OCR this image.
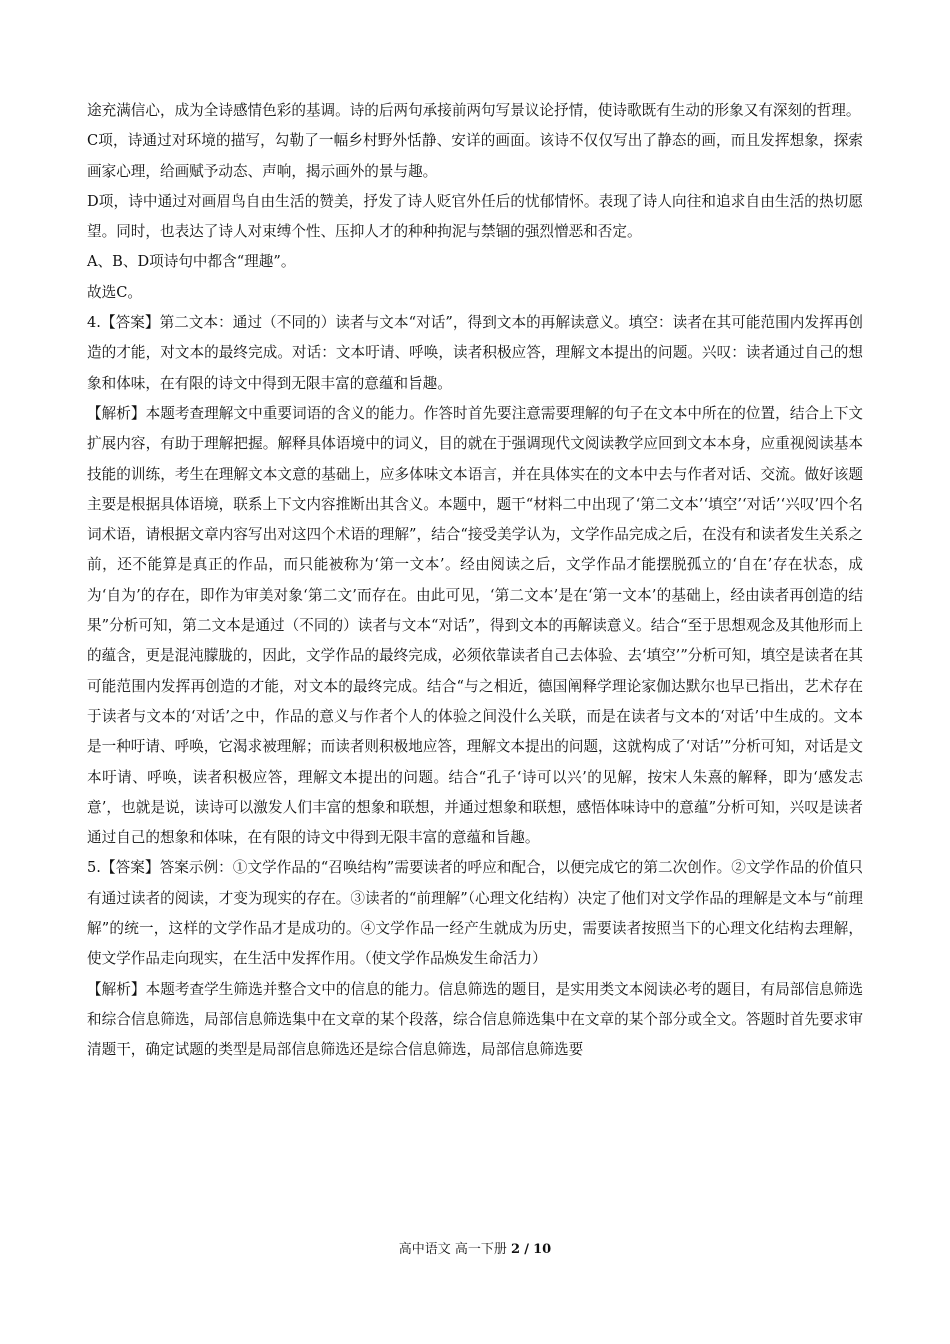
途充满信心，成为全诗感情色彩的基调。诗的后两句承接前两句写景议论抒情，使诗歌既有生动的形象又有深刻的哲理。

C项，诗通过对环境的描写，勾勒了一幅乡村野外恬静、安详的画面。该诗不仅仅写出了静态的画，而且发挥想象，探索画家心理，给画赋予动态、声响，揭示画外的景与趣。

D项，诗中通过对画眉鸟自由生活的赞美，抒发了诗人贬官外任后的忧郁情怀。表现了诗人向往和追求自由生活的热切愿望。同时，也表达了诗人对束缚个性、压抑人才的种种拘泥与禁锢的强烈憎恶和否定。

A、B、D项诗句中都含“理趣”。

故选C。

4.【答案】第二文本：通过（不同的）读者与文本“对话”，得到文本的再解读意义。填空：读者在其可能范围内发挥再创造的才能，对文本的最终完成。对话：文本吁请、呼唤，读者积极应答，理解文本提出的问题。兴叹：读者通过自己的想象和体味，在有限的诗文中得到无限丰富的意蕴和旨趣。

【解析】本题考查理解文中重要词语的含义的能力。作答时首先要注意需要理解的句子在文本中所在的位置，结合上下文扩展内容，有助于理解把握。解释具体语境中的词义，目的就在于强调现代文阅读教学应回到文本本身，应重视阅读基本技能的训练，考生在理解文本文意的基础上，应多体味文本语言，并在具体实在的文本中去与作者对话、交流。做好该题主要是根据具体语境，联系上下文内容推断出其含义。本题中，题干“材料二中出现了‘第二文本’‘填空’‘对话’‘兴叹’四个名词术语，请根据文章内容写出对这四个术语的理解”，结合“接受美学认为，文学作品完成之后，在没有和读者发生关系之前，还不能算是真正的作品，而只能被称为‘第一文本’。经由阅读之后，文学作品才能摆脱孤立的‘自在’存在状态，成为‘自为’的存在，即作为审美对象‘第二文’而存在。由此可见，‘第二文本’是在‘第一文本’的基础上，经由读者再创造的结果”分析可知，第二文本是通过（不同的）读者与文本“对话”，得到文本的再解读意义。结合“至于思想观念及其他形而上的蕴含，更是混沌朦胧的，因此，文学作品的最终完成，必须依靠读者自己去体验、去‘填空’”分析可知，填空是读者在其可能范围内发挥再创造的才能，对文本的最终完成。结合“与之相近，德国阐释学理论家伽达默尔也早已指出，艺术存在于读者与文本的‘对话’之中，作品的意义与作者个人的体验之间没什么关联，而是在读者与文本的‘对话’中生成的。文本是一种吁请、呼唤，它渴求被理解；而读者则积极地应答，理解文本提出的问题，这就构成了‘对话’”分析可知，对话是文本吁请、呼唤，读者积极应答，理解文本提出的问题。结合“孔子‘诗可以兴’的见解，按宋人朱熹的解释，即为‘感发志意’，也就是说，读诗可以激发人们丰富的想象和联想，并通过想象和联想，感悟体味诗中的意蕴”分析可知，兴叹是读者通过自己的想象和体味，在有限的诗文中得到无限丰富的意蕴和旨趣。

5.【答案】答案示例：①文学作品的“召唤结构”需要读者的呼应和配合，以便完成它的第二次创作。②文学作品的价值只有通过读者的阅读，才变为现实的存在。③读者的“前理解”（心理文化结构）决定了他们对文学作品的理解是文本与“前理解”的统一，这样的文学作品才是成功的。④文学作品一经产生就成为历史，需要读者按照当下的心理文化结构去理解，使文学作品走向现实，在生活中发挥作用。（使文学作品焕发生命活力）

【解析】本题考查学生筛选并整合文中的信息的能力。信息筛选的题目，是实用类文本阅读必考的题目，有局部信息筛选和综合信息筛选，局部信息筛选集中在文章的某个段落，综合信息筛选集中在文章的某个部分或全文。答题时首先要求审清题干，确定试题的类型是局部信息筛选还是综合信息筛选，局部信息筛选要

高中语文 高一下册 2 / 10
